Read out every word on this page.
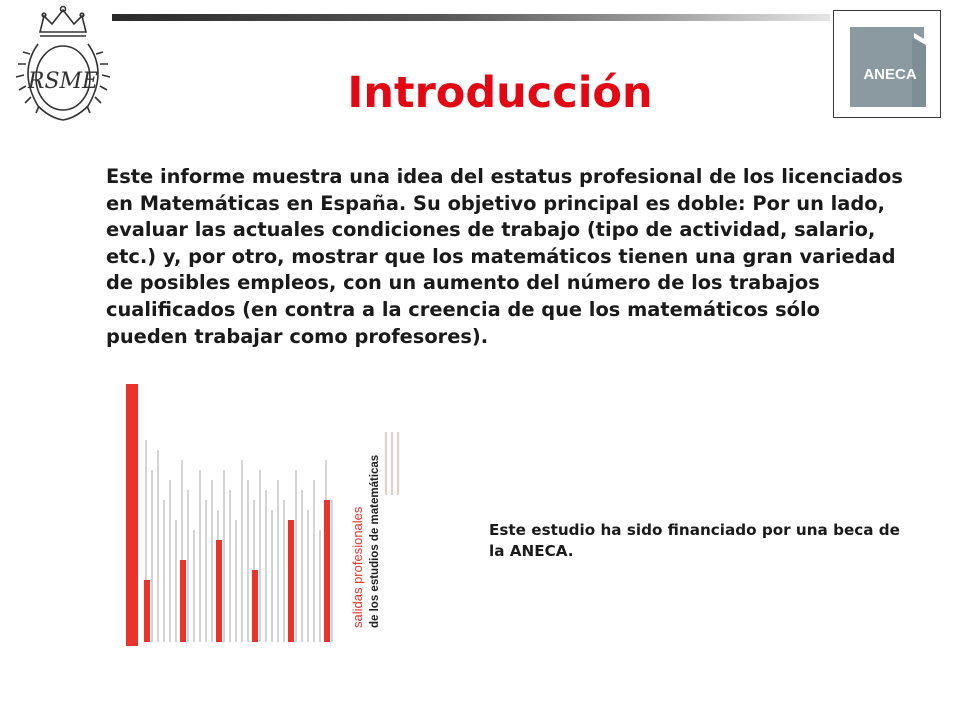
RSME	ANECA
Introducción

Este informe muestra una idea del estatus profesional de los licenciados en Matemáticas en España. Su objetivo principal es doble: Por un lado, evaluar las actuales condiciones de trabajo (tipo de actividad, salario, etc.) y, por otro, mostrar que los matemáticos tienen una gran variedad de posibles empleos, con un aumento del número de los trabajos cualificados (en contra a la creencia de que los matemáticos sólo pueden trabajar como profesores).

salidas profesionales de los estudios de matemáticas	Este estudio ha sido financiado por una beca de la ANECA.
